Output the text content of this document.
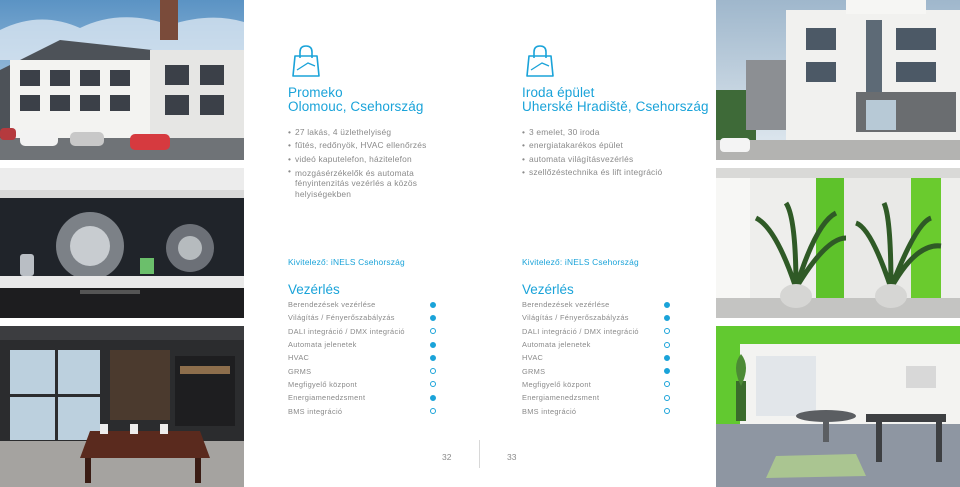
Promeko
Olomouc, Csehország
• 27 lakás, 4 üzlethelyiség
• fűtés, redőnyök, HVAC ellenőrzés
• videó kaputelefon, házitelefon
• mozgásérzékelők és automata fényintenzitás vezérlés a közös helyiségekben
Kivitelező: iNELS Csehország
Vezérlés
Berendezések vezérlése
Világítás / Fényerőszabályzás
DALI integráció / DMX integráció
Automata jelenetek
HVAC
GRMS
Megfigyelő központ
Energiamenedzsment
BMS integráció
Iroda épület
Uherské Hradiště, Csehország
• 3 emelet, 30 iroda
• energiatakarékos épület
• automata világításvezérlés
• szellőzéstechnika és lift integráció
Kivitelező: iNELS Csehország
Vezérlés
Berendezések vezérlése
Világítás / Fényerőszabályzás
DALI integráció / DMX integráció
Automata jelenetek
HVAC
GRMS
Megfigyelő központ
Energiamenedzsment
BMS integráció
32	33
